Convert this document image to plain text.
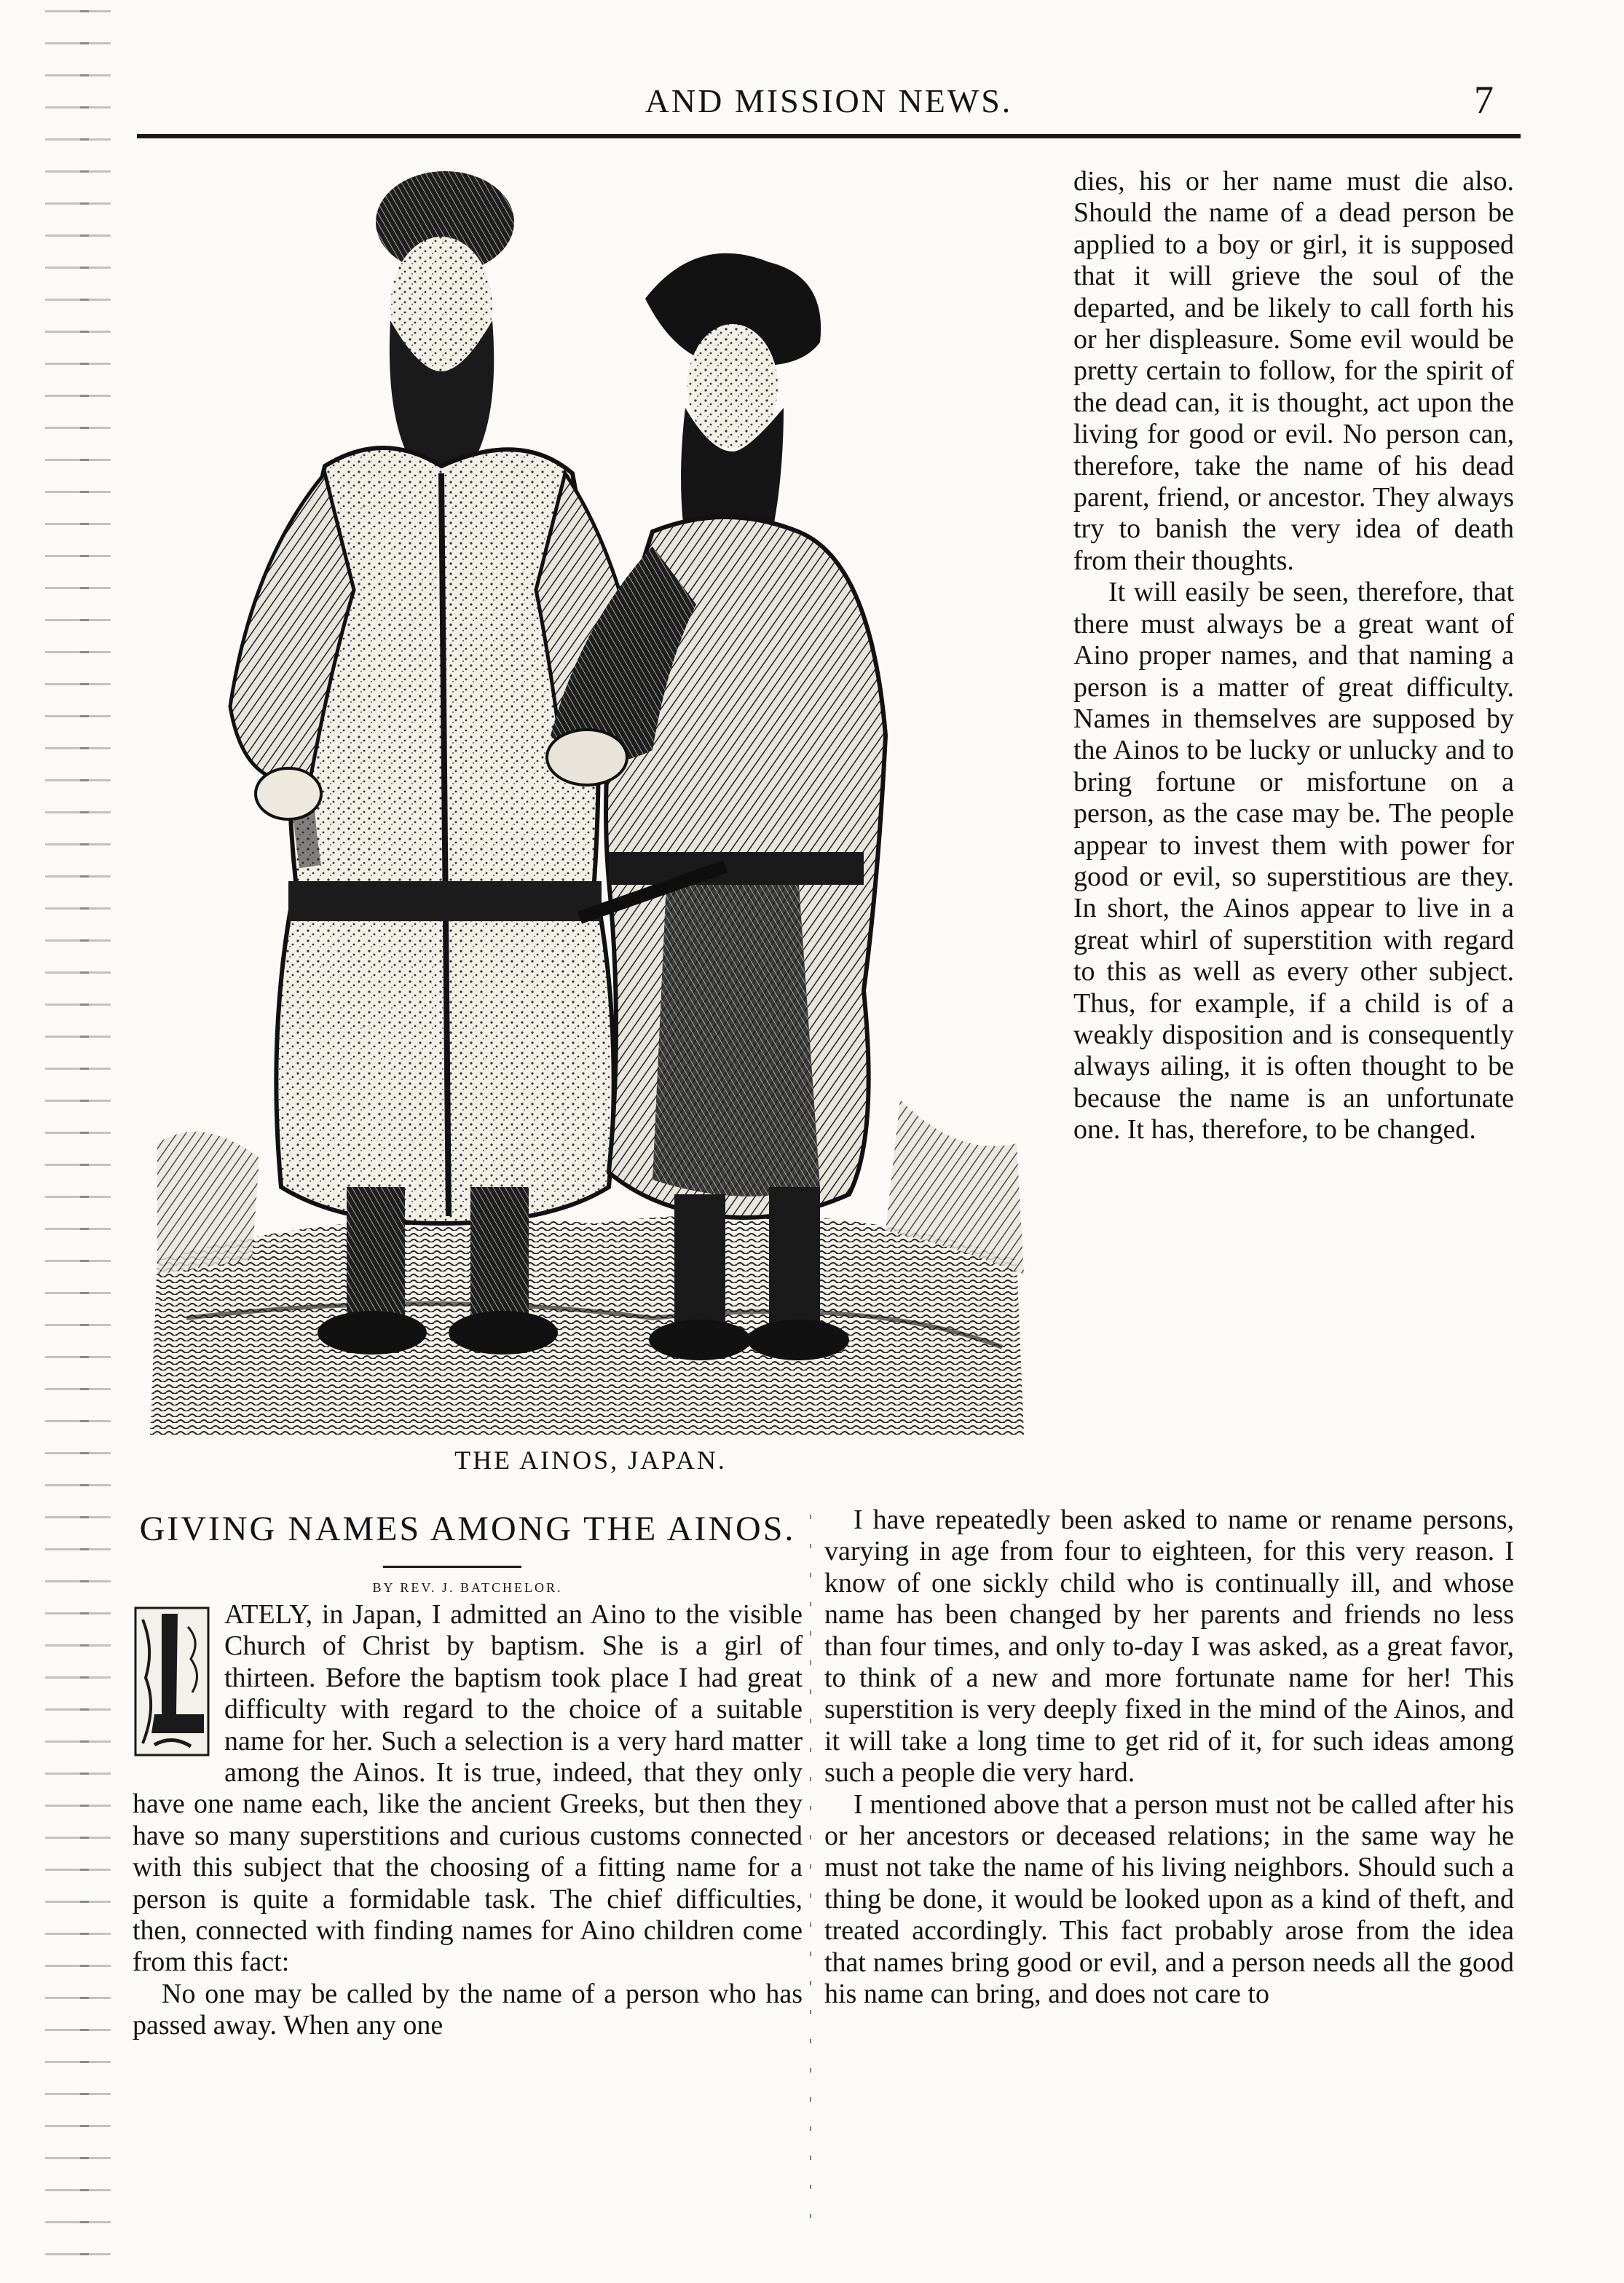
AND MISSION NEWS.	7
THE AINOS, JAPAN.

dies, his or her name must die also. Should the name of a dead person be applied to a boy or girl, it is supposed that it will grieve the soul of the departed, and be likely to call forth his or her displeasure. Some evil would be pretty certain to follow, for the spirit of the dead can, it is thought, act upon the living for good or evil. No person can, therefore, take the name of his dead parent, friend, or ancestor. They always try to banish the very idea of death from their thoughts.

It will easily be seen, therefore, that there must always be a great want of Aino proper names, and that naming a person is a matter of great difficulty. Names in themselves are supposed by the Ainos to be lucky or unlucky and to bring fortune or misfortune on a person, as the case may be. The people appear to invest them with power for good or evil, so superstitious are they. In short, the Ainos appear to live in a great whirl of superstition with regard to this as well as every other subject. Thus, for example, if a child is of a weakly disposition and is consequently always ailing, it is often thought to be because the name is an unfortunate one. It has, therefore, to be changed.

GIVING NAMES AMONG THE AINOS.
BY REV. J. BATCHELOR.
L

ATELY, in Japan, I admitted an Aino to the visible Church of Christ by baptism. She is a girl of thirteen. Before the baptism took place I had great difficulty with regard to the choice of a suitable name for her. Such a selection is a very hard matter among the Ainos. It is true, indeed, that they only have one name each, like the ancient Greeks, but then they have so many superstitions and curious customs connected with this subject that the choosing of a fitting name for a person is quite a formidable task. The chief difficulties, then, connected with finding names for Aino children come from this fact:

No one may be called by the name of a person who has passed away. When any one

I have repeatedly been asked to name or rename persons, varying in age from four to eighteen, for this very reason. I know of one sickly child who is continually ill, and whose name has been changed by her parents and friends no less than four times, and only to-day I was asked, as a great favor, to think of a new and more fortunate name for her! This superstition is very deeply fixed in the mind of the Ainos, and it will take a long time to get rid of it, for such ideas among such a people die very hard.

I mentioned above that a person must not be called after his or her ancestors or deceased relations; in the same way he must not take the name of his living neighbors. Should such a thing be done, it would be looked upon as a kind of theft, and treated accordingly. This fact probably arose from the idea that names bring good or evil, and a person needs all the good his name can bring, and does not care to
